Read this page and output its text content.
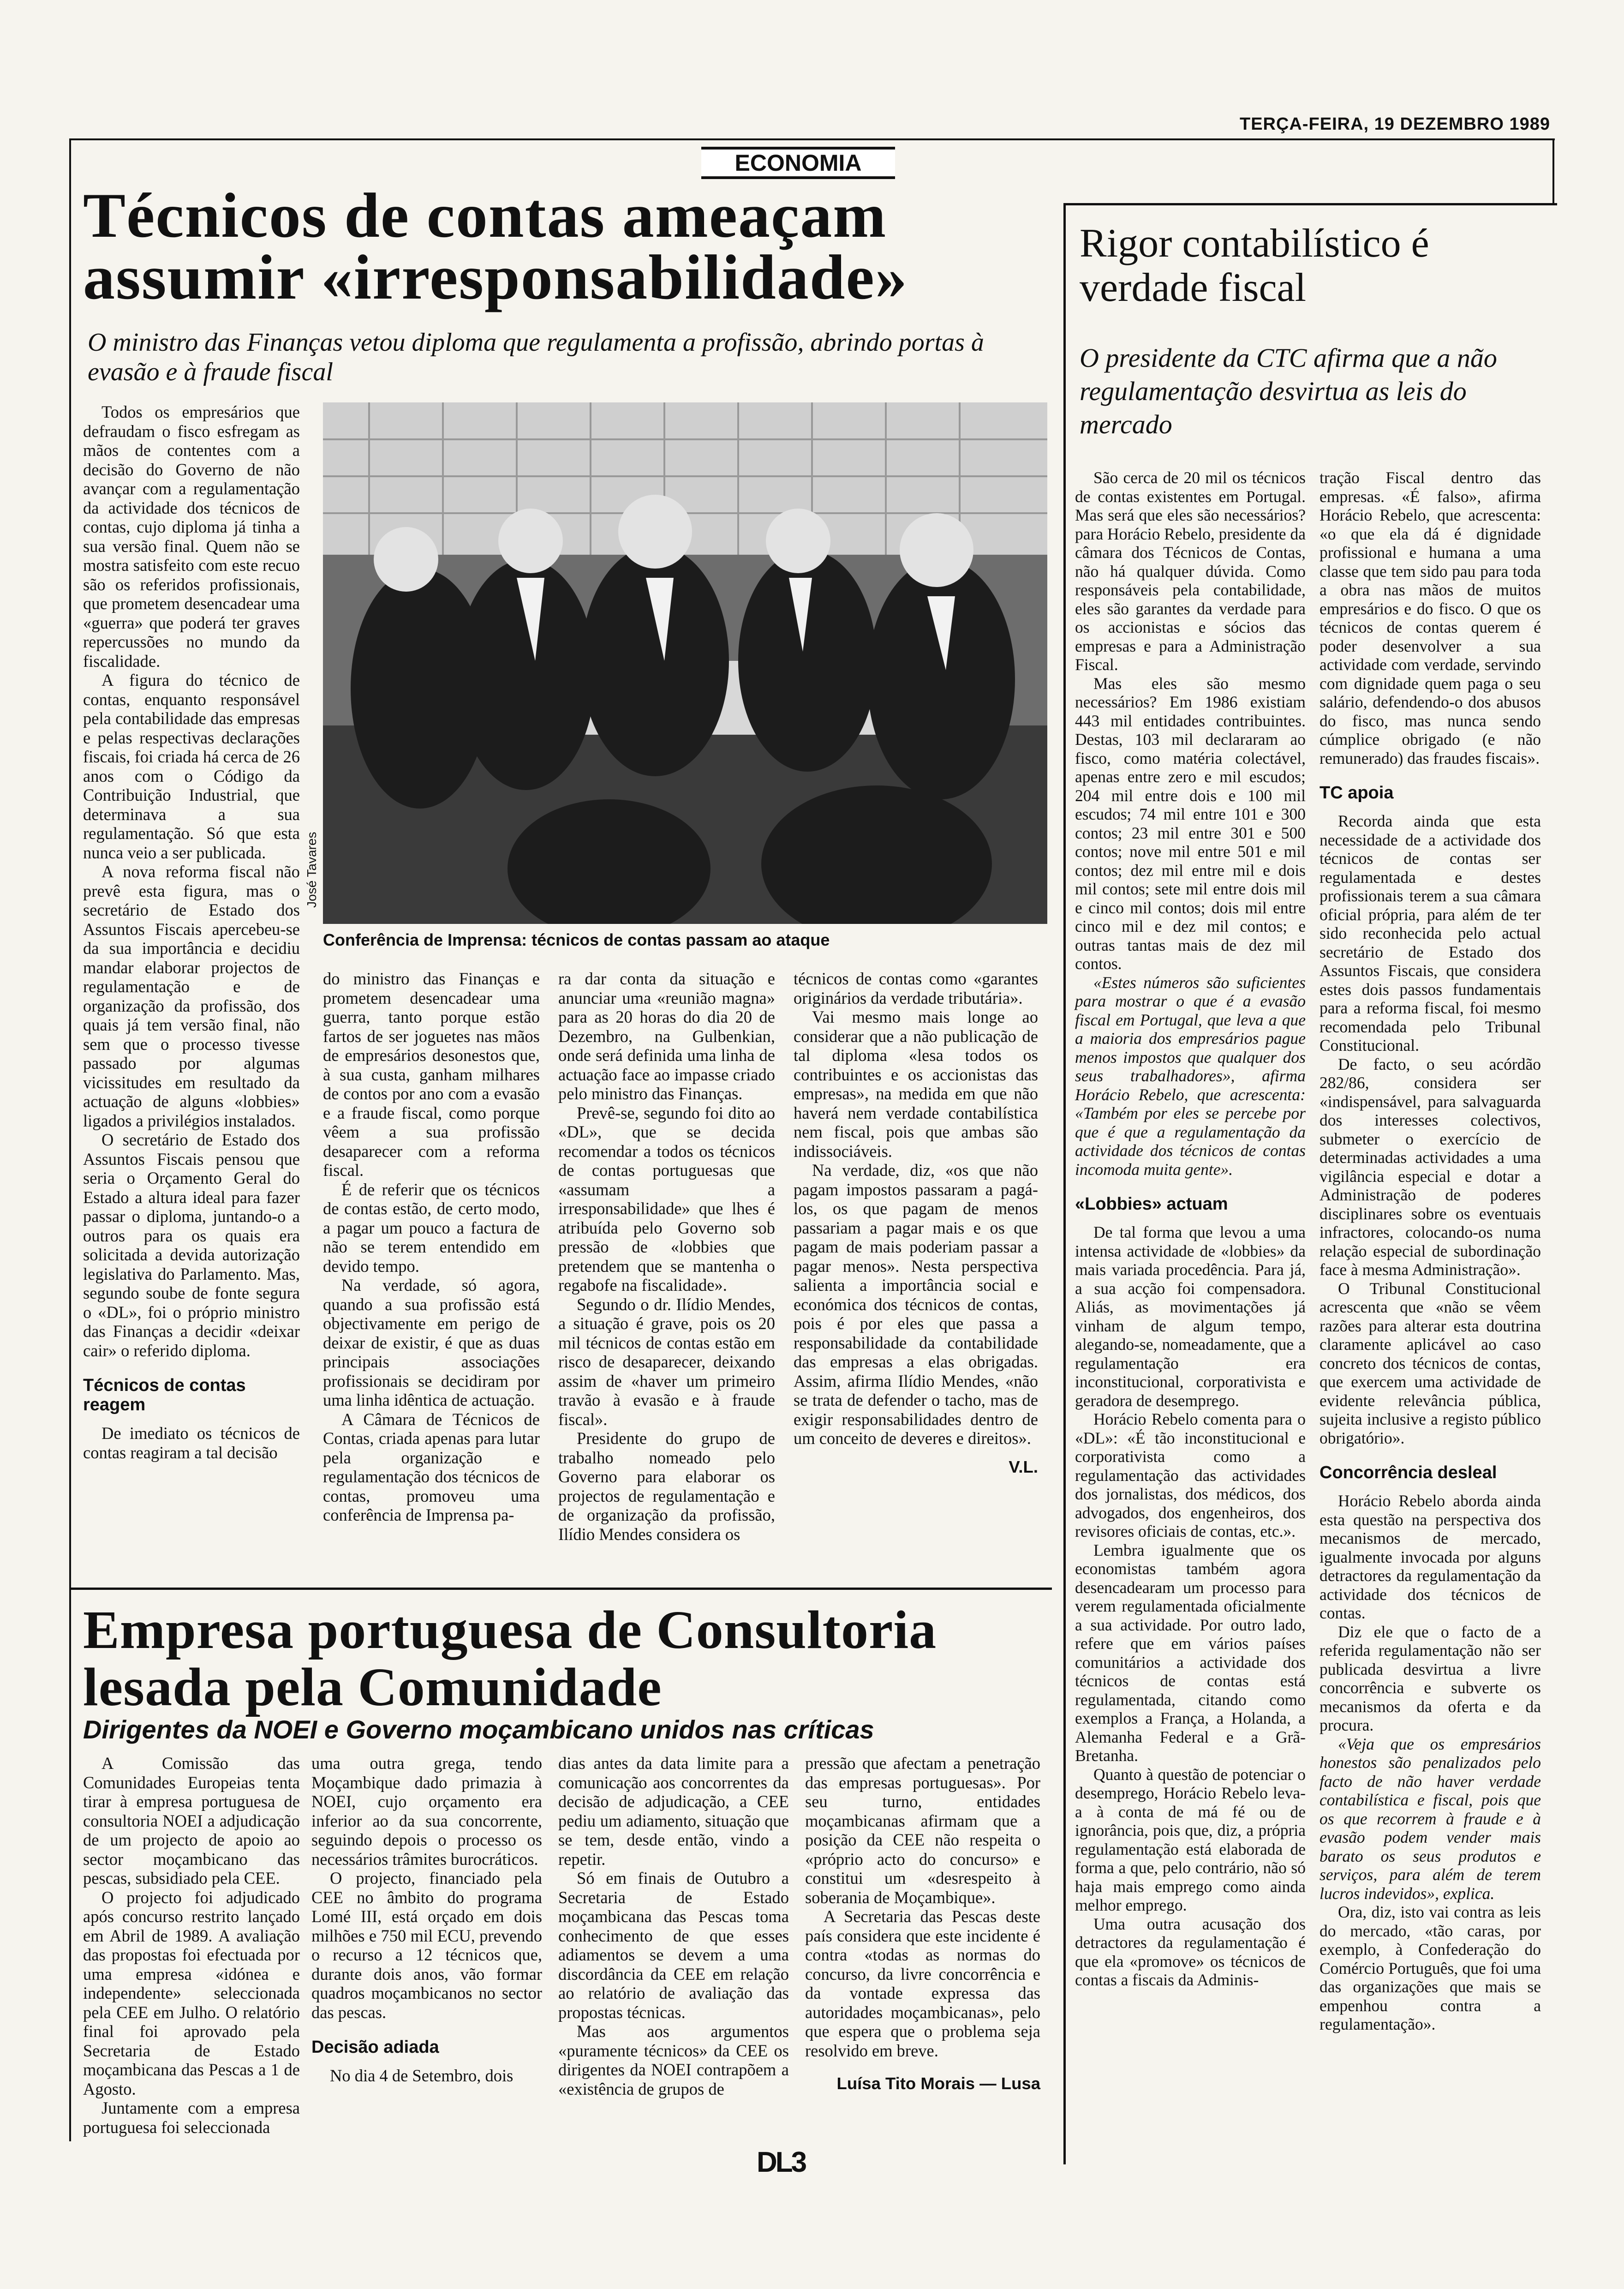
TERÇA-FEIRA, 19 DEZEMBRO 1989
ECONOMIA
Técnicos de contas ameaçam assumir «irresponsabilidade»
O ministro das Finanças vetou diploma que regulamenta a profissão, abrindo portas à evasão e à fraude fiscal
José Tavares
Conferência de Imprensa: técnicos de contas passam ao ataque

Todos os empresários que defraudam o fisco esfregam as mãos de contentes com a decisão do Governo de não avançar com a regulamentação da actividade dos técnicos de contas, cujo diploma já tinha a sua versão final. Quem não se mostra satisfeito com este recuo são os referidos profissionais, que prometem desencadear uma «guerra» que poderá ter graves repercussões no mundo da fiscalidade.

A figura do técnico de contas, enquanto responsável pela contabilidade das empresas e pelas respectivas declarações fiscais, foi criada há cerca de 26 anos com o Código da Contribuição Industrial, que determinava a sua regulamentação. Só que esta nunca veio a ser publicada.

A nova reforma fiscal não prevê esta figura, mas o secretário de Estado dos Assuntos Fiscais apercebeu-se da sua importância e decidiu mandar elaborar projectos de regulamentação e de organização da profissão, dos quais já tem versão final, não sem que o processo tivesse passado por algumas vicissitudes em resultado da actuação de alguns «lobbies» ligados a privilégios instalados.

O secretário de Estado dos Assuntos Fiscais pensou que seria o Orçamento Geral do Estado a altura ideal para fazer passar o diploma, juntando-o a outros para os quais era solicitada a devida autorização legislativa do Parlamento. Mas, segundo soube de fonte segura o «DL», foi o próprio ministro das Finanças a decidir «deixar cair» o referido diploma.

Técnicos de contas reagem

De imediato os técnicos de contas reagiram a tal decisão

do ministro das Finanças e prometem desencadear uma guerra, tanto porque estão fartos de ser joguetes nas mãos de empresários desonestos que, à sua custa, ganham milhares de contos por ano com a evasão e a fraude fiscal, como porque vêem a sua profissão desaparecer com a reforma fiscal.

É de referir que os técnicos de contas estão, de certo modo, a pagar um pouco a factura de não se terem entendido em devido tempo.

Na verdade, só agora, quando a sua profissão está objectivamente em perigo de deixar de existir, é que as duas principais associações profissionais se decidiram por uma linha idêntica de actuação.

A Câmara de Técnicos de Contas, criada apenas para lutar pela organização e regulamentação dos técnicos de contas, promoveu uma conferência de Imprensa pa-

ra dar conta da situação e anunciar uma «reunião magna» para as 20 horas do dia 20 de Dezembro, na Gulbenkian, onde será definida uma linha de actuação face ao impasse criado pelo ministro das Finanças.

Prevê-se, segundo foi dito ao «DL», que se decida recomendar a todos os técnicos de contas portuguesas que «assumam a irresponsabilidade» que lhes é atribuída pelo Governo sob pressão de «lobbies que pretendem que se mantenha o regabofe na fiscalidade».

Segundo o dr. Ilídio Mendes, a situação é grave, pois os 20 mil técnicos de contas estão em risco de desaparecer, deixando assim de «haver um primeiro travão à evasão e à fraude fiscal».

Presidente do grupo de trabalho nomeado pelo Governo para elaborar os projectos de regulamentação e de organização da profissão, Ilídio Mendes considera os

técnicos de contas como «garantes originários da verdade tributária».

Vai mesmo mais longe ao considerar que a não publicação de tal diploma «lesa todos os contribuintes e os accionistas das empresas», na medida em que não haverá nem verdade contabilística nem fiscal, pois que ambas são indissociáveis.

Na verdade, diz, «os que não pagam impostos passaram a pagá-los, os que pagam de menos passariam a pagar mais e os que pagam de mais poderiam passar a pagar menos». Nesta perspectiva salienta a importância social e económica dos técnicos de contas, pois é por eles que passa a responsabilidade da contabilidade das empresas a elas obrigadas. Assim, afirma Ilídio Mendes, «não se trata de defender o tacho, mas de exigir responsabilidades dentro de um conceito de deveres e direitos».

V.L.

Rigor contabilístico é verdade fiscal
O presidente da CTC afirma que a não regulamentação desvirtua as leis do mercado

São cerca de 20 mil os técnicos de contas existentes em Portugal. Mas será que eles são necessários? para Horácio Rebelo, presidente da câmara dos Técnicos de Contas, não há qualquer dúvida. Como responsáveis pela contabilidade, eles são garantes da verdade para os accionistas e sócios das empresas e para a Administração Fiscal.

Mas eles são mesmo necessários? Em 1986 existiam 443 mil entidades contribuintes. Destas, 103 mil declararam ao fisco, como matéria colectável, apenas entre zero e mil escudos; 204 mil entre dois e 100 mil escudos; 74 mil entre 101 e 300 contos; 23 mil entre 301 e 500 contos; nove mil entre 501 e mil contos; dez mil entre mil e dois mil contos; sete mil entre dois mil e cinco mil contos; dois mil entre cinco mil e dez mil contos; e outras tantas mais de dez mil contos.

«Estes números são suficientes para mostrar o que é a evasão fiscal em Portugal, que leva a que a maioria dos empresários pague menos impostos que qualquer dos seus trabalhadores», afirma Horácio Rebelo, que acrescenta: «Também por eles se percebe por que é que a regulamentação da actividade dos técnicos de contas incomoda muita gente».

«Lobbies» actuam

De tal forma que levou a uma intensa actividade de «lobbies» da mais variada procedência. Para já, a sua acção foi compensadora. Aliás, as movimentações já vinham de algum tempo, alegando-se, nomeadamente, que a regulamentação era inconstitucional, corporativista e geradora de desemprego.

Horácio Rebelo comenta para o «DL»: «É tão inconstitucional e corporativista como a regulamentação das actividades dos jornalistas, dos médicos, dos advogados, dos engenheiros, dos revisores oficiais de contas, etc.».

Lembra igualmente que os economistas também agora desencadearam um processo para verem regulamentada oficialmente a sua actividade. Por outro lado, refere que em vários países comunitários a actividade dos técnicos de contas está regulamentada, citando como exemplos a França, a Holanda, a Alemanha Federal e a Grã-Bretanha.

Quanto à questão de potenciar o desemprego, Horácio Rebelo leva-a à conta de má fé ou de ignorância, pois que, diz, a própria regulamentação está elaborada de forma a que, pelo contrário, não só haja mais emprego como ainda melhor emprego.

Uma outra acusação dos detractores da regulamentação é que ela «promove» os técnicos de contas a fiscais da Adminis-

tração Fiscal dentro das empresas. «É falso», afirma Horácio Rebelo, que acrescenta: «o que ela dá é dignidade profissional e humana a uma classe que tem sido pau para toda a obra nas mãos de muitos empresários e do fisco. O que os técnicos de contas querem é poder desenvolver a sua actividade com verdade, servindo com dignidade quem paga o seu salário, defendendo-o dos abusos do fisco, mas nunca sendo cúmplice obrigado (e não remunerado) das fraudes fiscais».

TC apoia

Recorda ainda que esta necessidade de a actividade dos técnicos de contas ser regulamentada e destes profissionais terem a sua câmara oficial própria, para além de ter sido reconhecida pelo actual secretário de Estado dos Assuntos Fiscais, que considera estes dois passos fundamentais para a reforma fiscal, foi mesmo recomendada pelo Tribunal Constitucional.

De facto, o seu acórdão 282/86, considera ser «indispensável, para salvaguarda dos interesses colectivos, submeter o exercício de determinadas actividades a uma vigilância especial e dotar a Administração de poderes disciplinares sobre os eventuais infractores, colocando-os numa relação especial de subordinação face à mesma Administração».

O Tribunal Constitucional acrescenta que «não se vêem razões para alterar esta doutrina claramente aplicável ao caso concreto dos técnicos de contas, que exercem uma actividade de evidente relevância pública, sujeita inclusive a registo público obrigatório».

Concorrência desleal

Horácio Rebelo aborda ainda esta questão na perspectiva dos mecanismos de mercado, igualmente invocada por alguns detractores da regulamentação da actividade dos técnicos de contas.

Diz ele que o facto de a referida regulamentação não ser publicada desvirtua a livre concorrência e subverte os mecanismos da oferta e da procura.

«Veja que os empresários honestos são penalizados pelo facto de não haver verdade contabilística e fiscal, pois que os que recorrem à fraude e à evasão podem vender mais barato os seus produtos e serviços, para além de terem lucros indevidos», explica.

Ora, diz, isto vai contra as leis do mercado, «tão caras, por exemplo, à Confederação do Comércio Português, que foi uma das organizações que mais se empenhou contra a regulamentação».

Empresa portuguesa de Consultoria lesada pela Comunidade
Dirigentes da NOEI e Governo moçambicano unidos nas críticas

A Comissão das Comunidades Europeias tenta tirar à empresa portuguesa de consultoria NOEI a adjudicação de um projecto de apoio ao sector moçambicano das pescas, subsidiado pela CEE.

O projecto foi adjudicado após concurso restrito lançado em Abril de 1989. A avaliação das propostas foi efectuada por uma empresa «idónea e independente» seleccionada pela CEE em Julho. O relatório final foi aprovado pela Secretaria de Estado moçambicana das Pescas a 1 de Agosto.

Juntamente com a empresa portuguesa foi seleccionada

uma outra grega, tendo Moçambique dado primazia à NOEI, cujo orçamento era inferior ao da sua concorrente, seguindo depois o processo os necessários trâmites burocráticos.

O projecto, financiado pela CEE no âmbito do programa Lomé III, está orçado em dois milhões e 750 mil ECU, prevendo o recurso a 12 técnicos que, durante dois anos, vão formar quadros moçambicanos no sector das pescas.

Decisão adiada

No dia 4 de Setembro, dois

dias antes da data limite para a comunicação aos concorrentes da decisão de adjudicação, a CEE pediu um adiamento, situação que se tem, desde então, vindo a repetir.

Só em finais de Outubro a Secretaria de Estado moçambicana das Pescas toma conhecimento de que esses adiamentos se devem a uma discordância da CEE em relação ao relatório de avaliação das propostas técnicas.

Mas aos argumentos «puramente técnicos» da CEE os dirigentes da NOEI contrapõem a «existência de grupos de

pressão que afectam a penetração das empresas portuguesas». Por seu turno, entidades moçambicanas afirmam que a posição da CEE não respeita o «próprio acto do concurso» e constitui um «desrespeito à soberania de Moçambique».

A Secretaria das Pescas deste país considera que este incidente é contra «todas as normas do concurso, da livre concorrência e da vontade expressa das autoridades moçambicanas», pelo que espera que o problema seja resolvido em breve.

Luísa Tito Morais — Lusa

DL3
